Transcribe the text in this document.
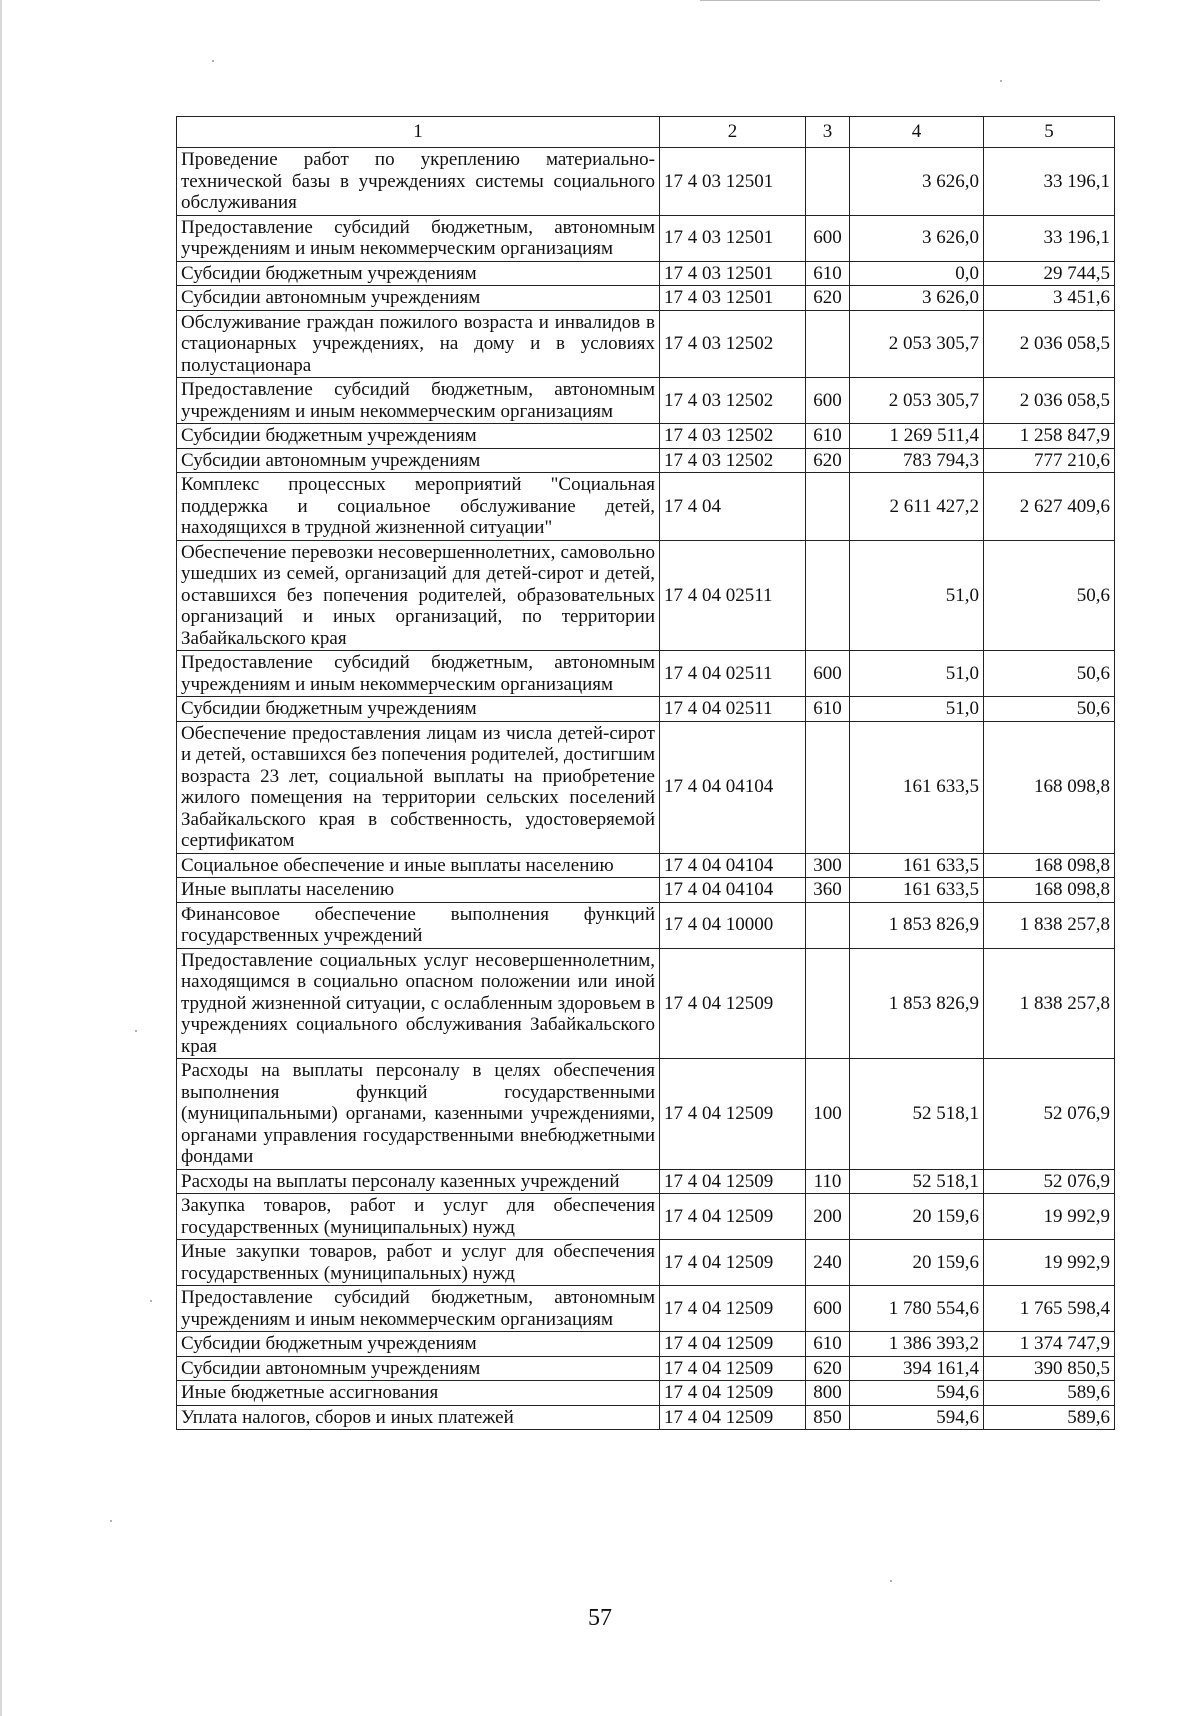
1	2	3	4	5
Проведение работ по укреплению материально-технической базы в учреждениях системы социального обслуживания	17 4 03 12501		3 626,0	33 196,1
Предоставление субсидий бюджетным, автономным учреждениям и иным некоммерческим организациям	17 4 03 12501	600	3 626,0	33 196,1
Субсидии бюджетным учреждениям	17 4 03 12501	610	0,0	29 744,5
Субсидии автономным учреждениям	17 4 03 12501	620	3 626,0	3 451,6
Обслуживание граждан пожилого возраста и инвалидов в стационарных учреждениях, на дому и в условиях полустационара	17 4 03 12502		2 053 305,7	2 036 058,5
Предоставление субсидий бюджетным, автономным учреждениям и иным некоммерческим организациям	17 4 03 12502	600	2 053 305,7	2 036 058,5
Субсидии бюджетным учреждениям	17 4 03 12502	610	1 269 511,4	1 258 847,9
Субсидии автономным учреждениям	17 4 03 12502	620	783 794,3	777 210,6
Комплекс процессных мероприятий "Социальная поддержка и социальное обслуживание детей, находящихся в трудной жизненной ситуации"	17 4 04		2 611 427,2	2 627 409,6
Обеспечение перевозки несовершеннолетних, самовольно ушедших из семей, организаций для детей-сирот и детей, оставшихся без попечения родителей, образовательных организаций и иных организаций, по территории Забайкальского края	17 4 04 02511		51,0	50,6
Предоставление субсидий бюджетным, автономным учреждениям и иным некоммерческим организациям	17 4 04 02511	600	51,0	50,6
Субсидии бюджетным учреждениям	17 4 04 02511	610	51,0	50,6
Обеспечение предоставления лицам из числа детей-сирот и детей, оставшихся без попечения родителей, достигшим возраста 23 лет, социальной выплаты на приобретение жилого помещения на территории сельских поселений Забайкальского края в собственность, удостоверяемой сертификатом	17 4 04 04104		161 633,5	168 098,8
Социальное обеспечение и иные выплаты населению	17 4 04 04104	300	161 633,5	168 098,8
Иные выплаты населению	17 4 04 04104	360	161 633,5	168 098,8
Финансовое обеспечение выполнения функций государственных учреждений	17 4 04 10000		1 853 826,9	1 838 257,8
Предоставление социальных услуг несовершеннолетним, находящимся в социально опасном положении или иной трудной жизненной ситуации, с ослабленным здоровьем в учреждениях социального обслуживания Забайкальского края	17 4 04 12509		1 853 826,9	1 838 257,8
Расходы на выплаты персоналу в целях обеспечения выполнения функций государственными (муниципальными) органами, казенными учреждениями, органами управления государственными внебюджетными фондами	17 4 04 12509	100	52 518,1	52 076,9
Расходы на выплаты персоналу казенных учреждений	17 4 04 12509	110	52 518,1	52 076,9
Закупка товаров, работ и услуг для обеспечения государственных (муниципальных) нужд	17 4 04 12509	200	20 159,6	19 992,9
Иные закупки товаров, работ и услуг для обеспечения государственных (муниципальных) нужд	17 4 04 12509	240	20 159,6	19 992,9
Предоставление субсидий бюджетным, автономным учреждениям и иным некоммерческим организациям	17 4 04 12509	600	1 780 554,6	1 765 598,4
Субсидии бюджетным учреждениям	17 4 04 12509	610	1 386 393,2	1 374 747,9
Субсидии автономным учреждениям	17 4 04 12509	620	394 161,4	390 850,5
Иные бюджетные ассигнования	17 4 04 12509	800	594,6	589,6
Уплата налогов, сборов и иных платежей	17 4 04 12509	850	594,6	589,6
57
